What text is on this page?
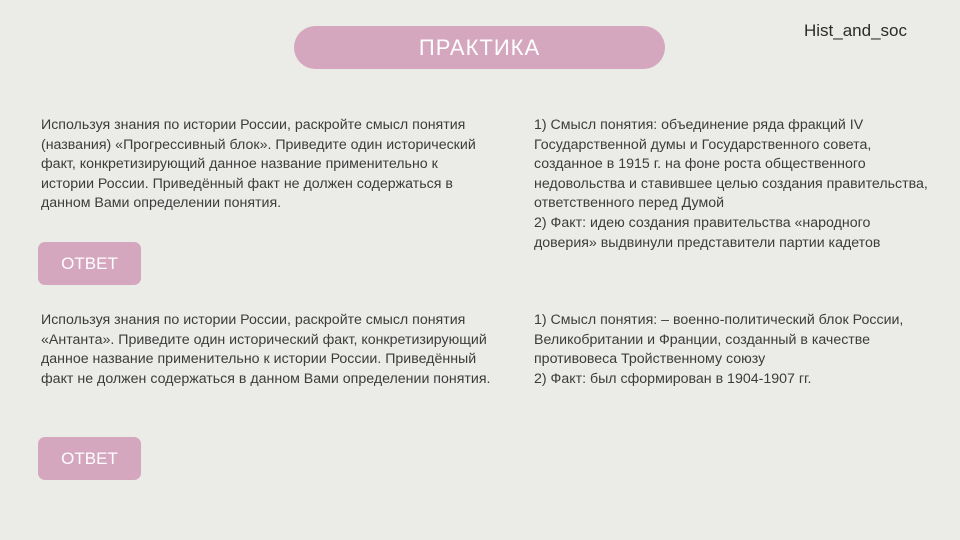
Hist_and_soc
ПРАКТИКА
Используя знания по истории России, раскройте смысл понятия (названия) «Прогрессивный блок». Приведите один исторический факт, конкретизирующий данное название применительно к истории России. Приведённый факт не должен содержаться в данном Вами определении понятия.
ОТВЕТ
1) Смысл понятия: объединение ряда фракций IV Государственной думы и Государственного совета, созданное в 1915 г. на фоне роста общественного недовольства и ставившее целью создания правительства, ответственного перед Думой
2) Факт: идею создания правительства «народного доверия» выдвинули представители партии кадетов
Используя знания по истории России, раскройте смысл понятия «Антанта». Приведите один исторический факт, конкретизирующий данное название применительно к истории России. Приведённый факт не должен содержаться в данном Вами определении понятия.
ОТВЕТ
1) Смысл понятия: – военно-политический блок России, Великобритании и Франции, созданный в качестве противовеса Тройственному союзу
2) Факт: был сформирован в 1904-1907 гг.
